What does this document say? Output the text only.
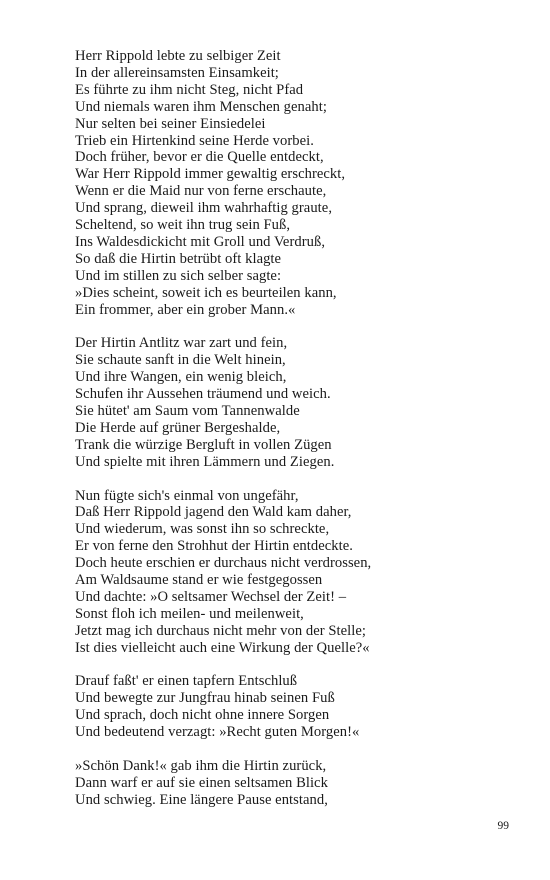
Herr Rippold lebte zu selbiger Zeit
In der allereinsamsten Einsamkeit;
Es führte zu ihm nicht Steg, nicht Pfad
Und niemals waren ihm Menschen genaht;
Nur selten bei seiner Einsiedelei
Trieb ein Hirtenkind seine Herde vorbei.
Doch früher, bevor er die Quelle entdeckt,
War Herr Rippold immer gewaltig erschreckt,
Wenn er die Maid nur von ferne erschaute,
Und sprang, dieweil ihm wahrhaftig graute,
Scheltend, so weit ihn trug sein Fuß,
Ins Waldesdickicht mit Groll und Verdruß,
So daß die Hirtin betrübt oft klagte
Und im stillen zu sich selber sagte:
»Dies scheint, soweit ich es beurteilen kann,
Ein frommer, aber ein grober Mann.«
Der Hirtin Antlitz war zart und fein,
Sie schaute sanft in die Welt hinein,
Und ihre Wangen, ein wenig bleich,
Schufen ihr Aussehen träumend und weich.
Sie hütet' am Saum vom Tannenwalde
Die Herde auf grüner Bergeshalde,
Trank die würzige Bergluft in vollen Zügen
Und spielte mit ihren Lämmern und Ziegen.
Nun fügte sich's einmal von ungefähr,
Daß Herr Rippold jagend den Wald kam daher,
Und wiederum, was sonst ihn so schreckte,
Er von ferne den Strohhut der Hirtin entdeckte.
Doch heute erschien er durchaus nicht verdrossen,
Am Waldsaume stand er wie festgegossen
Und dachte: »O seltsamer Wechsel der Zeit! –
Sonst floh ich meilen- und meilenweit,
Jetzt mag ich durchaus nicht mehr von der Stelle;
Ist dies vielleicht auch eine Wirkung der Quelle?«
Drauf faßt' er einen tapfern Entschluß
Und bewegte zur Jungfrau hinab seinen Fuß
Und sprach, doch nicht ohne innere Sorgen
Und bedeutend verzagt: »Recht guten Morgen!«
»Schön Dank!« gab ihm die Hirtin zurück,
Dann warf er auf sie einen seltsamen Blick
Und schwieg. Eine längere Pause entstand,
99
